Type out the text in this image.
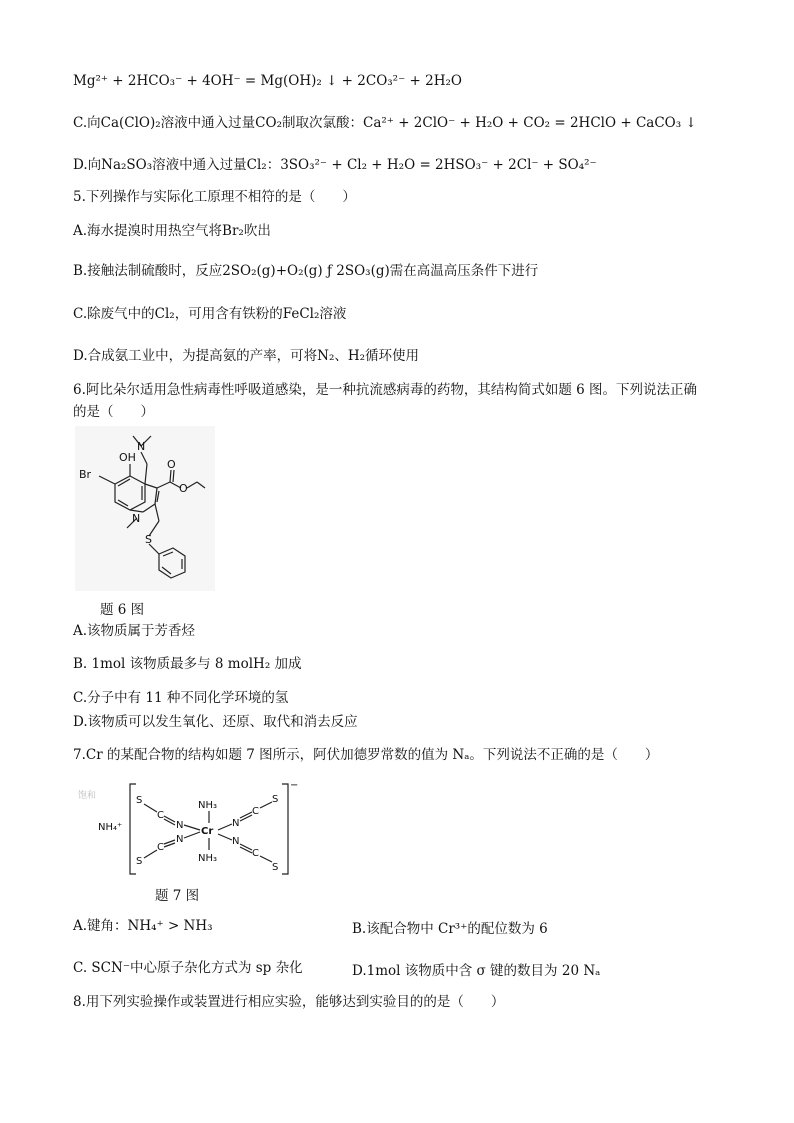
Mg²⁺ + 2HCO₃⁻ + 4OH⁻ = Mg(OH)₂ ↓ + 2CO₃²⁻ + 2H₂O
C.向Ca(ClO)₂溶液中通入过量CO₂制取次氯酸：Ca²⁺ + 2ClO⁻ + H₂O + CO₂ = 2HClO + CaCO₃ ↓
D.向Na₂SO₃溶液中通入过量Cl₂：3SO₃²⁻ + Cl₂ + H₂O = 2HSO₃⁻ + 2Cl⁻ + SO₄²⁻
5.下列操作与实际化工原理不相符的是（　　）
A.海水提溴时用热空气将Br₂吹出
B.接触法制硫酸时，反应2SO₂(g)+O₂(g) ƒ 2SO₃(g)需在高温高压条件下进行
C.除废气中的Cl₂，可用含有铁粉的FeCl₂溶液
D.合成氨工业中，为提高氨的产率，可将N₂、H₂循环使用
6.阿比朵尔适用急性病毒性呼吸道感染，是一种抗流感病毒的药物，其结构简式如题 6 图。下列说法正确
的是（　　）
OH
Br
N
N
O
O
S
题 6 图
A.该物质属于芳香烃
B. 1mol 该物质最多与 8 molH₂ 加成
C.分子中有 11 种不同化学环境的氢
D.该物质可以发生氧化、还原、取代和消去反应
7.Cr 的某配合物的结构如题 7 图所示，阿伏加德罗常数的值为 Nₐ。下列说法不正确的是（　　）
饱和
NH₄⁺
−
Cr
NH₃
NH₃
S
C
N
S
C
N
N
C
S
N
C
S
题 7 图
A.键角：NH₄⁺ > NH₃	B.该配合物中 Cr³⁺的配位数为 6
C. SCN⁻中心原子杂化方式为 sp 杂化	D.1mol 该物质中含 σ 键的数目为 20 Nₐ
8.用下列实验操作或装置进行相应实验，能够达到实验目的的是（　　）
